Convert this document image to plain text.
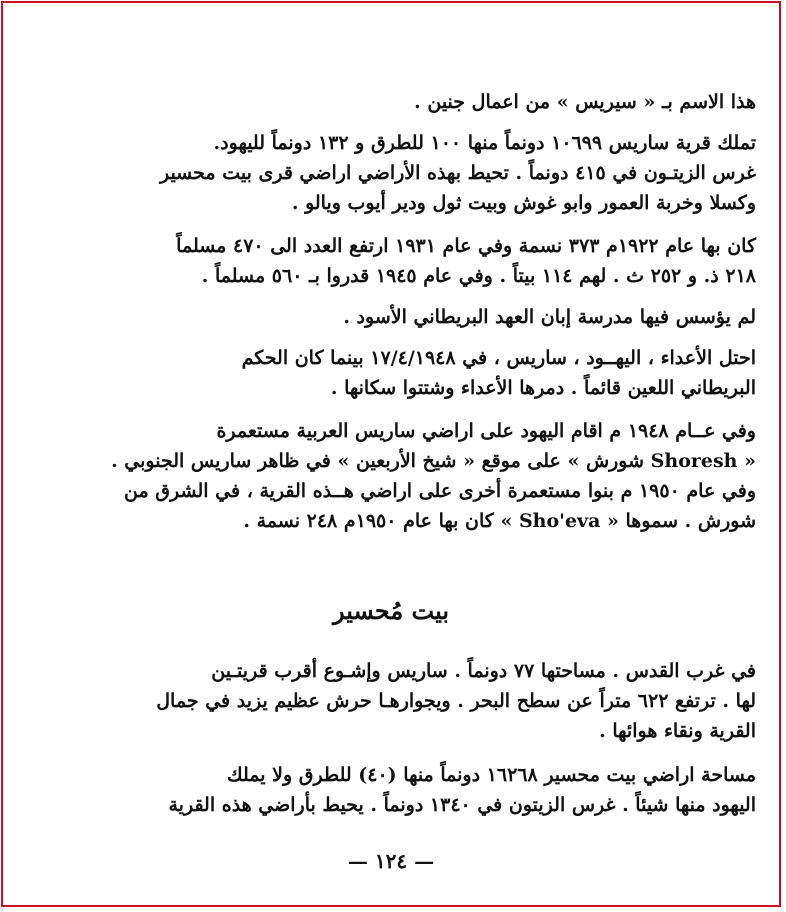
هذا الاسم بـ « سيريس » من اعمال جنين .
تملك قرية ساريس ١٠٦٩٩ دونماً منها ١٠٠ للطرق و ١٣٢ دونماً لليهود.
غرس الزيتـون في ٤١٥ دونماً . تحيط بهذه الأراضي اراضي قرى بيت محسير
وكسلا وخربة العمور وابو غوش وبيت ثول ودير أيوب ويالو .
كان بها عام ١٩٢٢م ٣٧٣ نسمة وفي عام ١٩٣١ ارتفع العدد الى ٤٧٠ مسلماً
٢١٨ ذ. و ٢٥٢ ث . لهم ١١٤ بيتاً . وفي عام ١٩٤٥ قدروا بـ ٥٦٠ مسلماً .
لم يؤسس فيها مدرسة إبان العهد البريطاني الأسود .
احتل الأعداء ، اليهــود ، ساريس ، في ١٧/٤/١٩٤٨ بينما كان الحكم
البريطاني اللعين قائماً . دمرها الأعداء وشتتوا سكانها .
وفي عــام ١٩٤٨ م اقام اليهود على اراضي ساريس العربية مستعمرة
« Shoresh شورش » على موقع « شيخ الأربعين » في ظاهر ساريس الجنوبي .
وفي عام ١٩٥٠ م بنوا مستعمرة أخرى على اراضي هــذه القرية ، في الشرق من
شورش . سموها « Sho'eva » كان بها عام ١٩٥٠م ٢٤٨ نسمة .
بيت مُحسير
في غرب القدس . مساحتها ٧٧ دونماً . ساريس وإشـوع أقرب قريتـين
لها . ترتفع ٦٢٢ متراً عن سطح البحر . ويجوارهـا حرش عظيم يزيد في جمال
القرية ونقاء هوائها .
مساحة اراضي بيت محسير ١٦٢٦٨ دونماً منها (٤٠) للطرق ولا يملك
اليهود منها شيئاً . غرس الزيتون في ١٣٤٠ دونماً . يحيط بأراضي هذه القرية
— ١٢٤ —
